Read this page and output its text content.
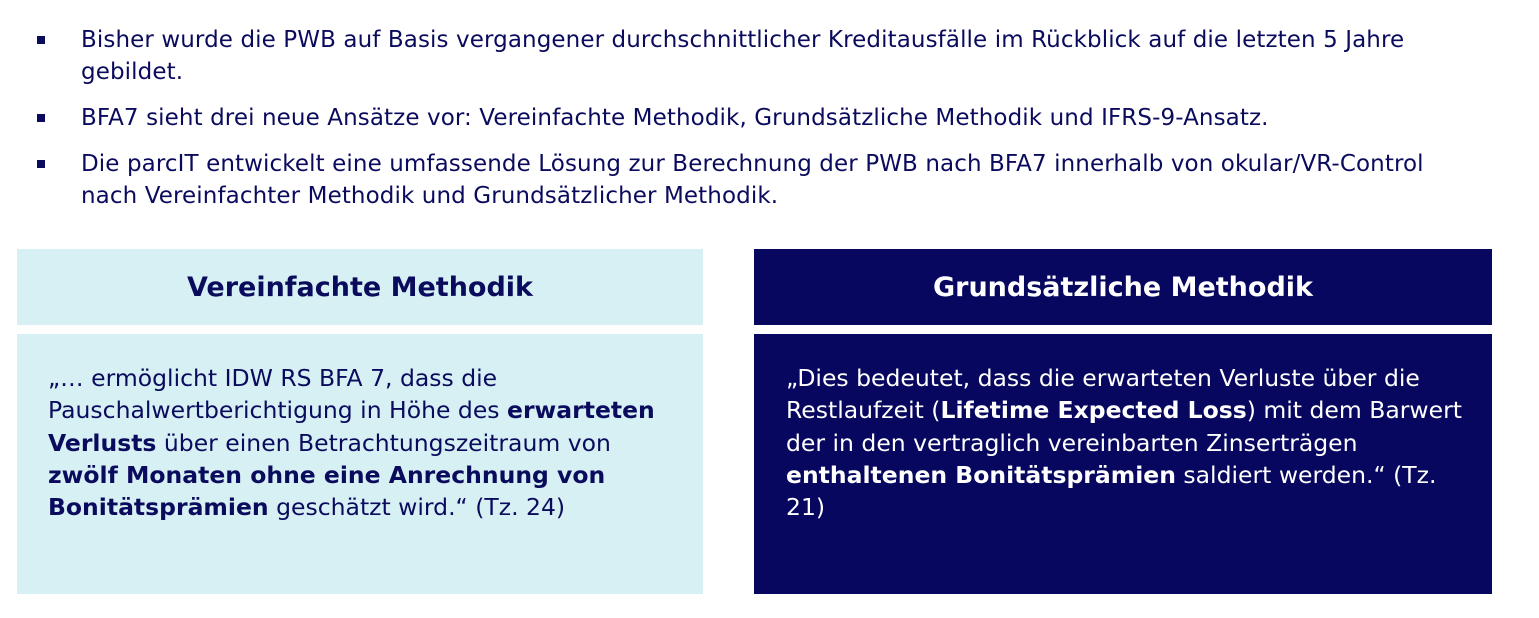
Bisher wurde die PWB auf Basis vergangener durchschnittlicher Kreditausfälle im Rückblick auf die letzten 5 Jahre gebildet.
BFA7 sieht drei neue Ansätze vor: Vereinfachte Methodik, Grundsätzliche Methodik und IFRS-9-Ansatz.
Die parcIT entwickelt eine umfassende Lösung zur Berechnung der PWB nach BFA7 innerhalb von okular/VR-Control nach Vereinfachter Methodik und Grundsätzlicher Methodik.
Vereinfachte Methodik
„… ermöglicht IDW RS BFA 7, dass die Pauschalwertberichtigung in Höhe des erwarteten Verlusts über einen Betrachtungszeitraum von zwölf Monaten ohne eine Anrechnung von Bonitätsprämien geschätzt wird.“ (Tz. 24)
Grundsätzliche Methodik
„Dies bedeutet, dass die erwarteten Verluste über die Restlaufzeit (Lifetime Expected Loss) mit dem Barwert der in den vertraglich vereinbarten Zinserträgen enthaltenen Bonitätsprämien saldiert werden.“ (Tz. 21)
